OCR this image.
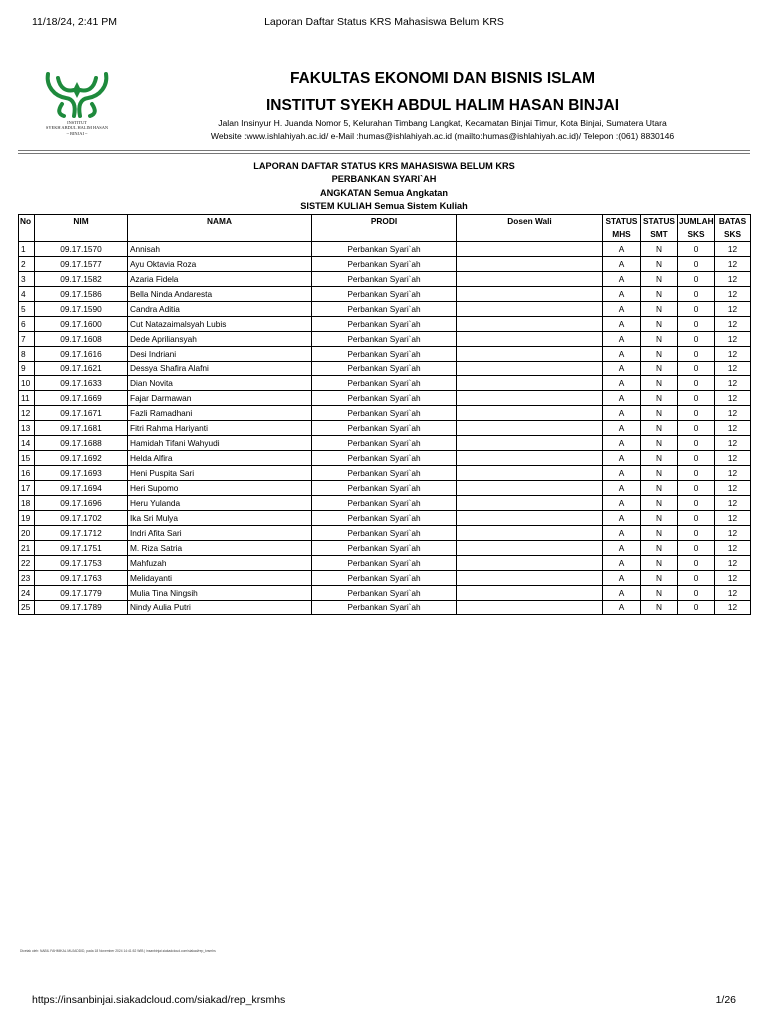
11/18/24, 2:41 PM	Laporan Daftar Status KRS Mahasiswa Belum KRS
INSTITUT
SYEKH ABDUL HALIM HASAN
~ BINJAI ~
FAKULTAS EKONOMI DAN BISNIS ISLAM
INSTITUT SYEKH ABDUL HALIM HASAN BINJAI
Jalan Insinyur H. Juanda Nomor 5, Kelurahan Timbang Langkat, Kecamatan Binjai Timur, Kota Binjai, Sumatera Utara
Website :www.ishlahiyah.ac.id/ e-Mail :humas@ishlahiyah.ac.id (mailto:humas@ishlahiyah.ac.id)/ Telepon :(061) 8830146
LAPORAN DAFTAR STATUS KRS MAHASISWA BELUM KRS
PERBANKAN SYARI`AH
ANGKATAN Semua Angkatan
SISTEM KULIAH Semua Sistem Kuliah
No	NIM	NAMA	PRODI	Dosen Wali	STATUS MHS	STATUS SMT	JUMLAH SKS	BATAS SKS
1	09.17.1570	Annisah	Perbankan Syari`ah		A	N	0	12
2	09.17.1577	Ayu Oktavia Roza	Perbankan Syari`ah		A	N	0	12
3	09.17.1582	Azaria Fidela	Perbankan Syari`ah		A	N	0	12
4	09.17.1586	Bella Ninda Andaresta	Perbankan Syari`ah		A	N	0	12
5	09.17.1590	Candra Aditia	Perbankan Syari`ah		A	N	0	12
6	09.17.1600	Cut Natazaimalsyah Lubis	Perbankan Syari`ah		A	N	0	12
7	09.17.1608	Dede Apriliansyah	Perbankan Syari`ah		A	N	0	12
8	09.17.1616	Desi Indriani	Perbankan Syari`ah		A	N	0	12
9	09.17.1621	Dessya Shafira Alafni	Perbankan Syari`ah		A	N	0	12
10	09.17.1633	Dian Novita	Perbankan Syari`ah		A	N	0	12
11	09.17.1669	Fajar Darmawan	Perbankan Syari`ah		A	N	0	12
12	09.17.1671	Fazli Ramadhani	Perbankan Syari`ah		A	N	0	12
13	09.17.1681	Fitri Rahma Hariyanti	Perbankan Syari`ah		A	N	0	12
14	09.17.1688	Hamidah Tifani Wahyudi	Perbankan Syari`ah		A	N	0	12
15	09.17.1692	Helda Alfira	Perbankan Syari`ah		A	N	0	12
16	09.17.1693	Heni Puspita Sari	Perbankan Syari`ah		A	N	0	12
17	09.17.1694	Heri Supomo	Perbankan Syari`ah		A	N	0	12
18	09.17.1696	Heru Yulanda	Perbankan Syari`ah		A	N	0	12
19	09.17.1702	Ika Sri Mulya	Perbankan Syari`ah		A	N	0	12
20	09.17.1712	Indri Afita Sari	Perbankan Syari`ah		A	N	0	12
21	09.17.1751	M. Riza Satria	Perbankan Syari`ah		A	N	0	12
22	09.17.1753	Mahfuzah	Perbankan Syari`ah		A	N	0	12
23	09.17.1763	Melidayanti	Perbankan Syari`ah		A	N	0	12
24	09.17.1779	Mulia Tina Ningsih	Perbankan Syari`ah		A	N	0	12
25	09.17.1789	Nindy Aulia Putri	Perbankan Syari`ah		A	N	0	12
Dicetak oleh: NABIL FAHMIKAL MUJADDID, pada 18 November 2024 14:41:52 WIB | insanbinjai.siakadcloud.com/siakad/rep_krsmhs
https://insanbinjai.siakadcloud.com/siakad/rep_krsmhs	1/26
